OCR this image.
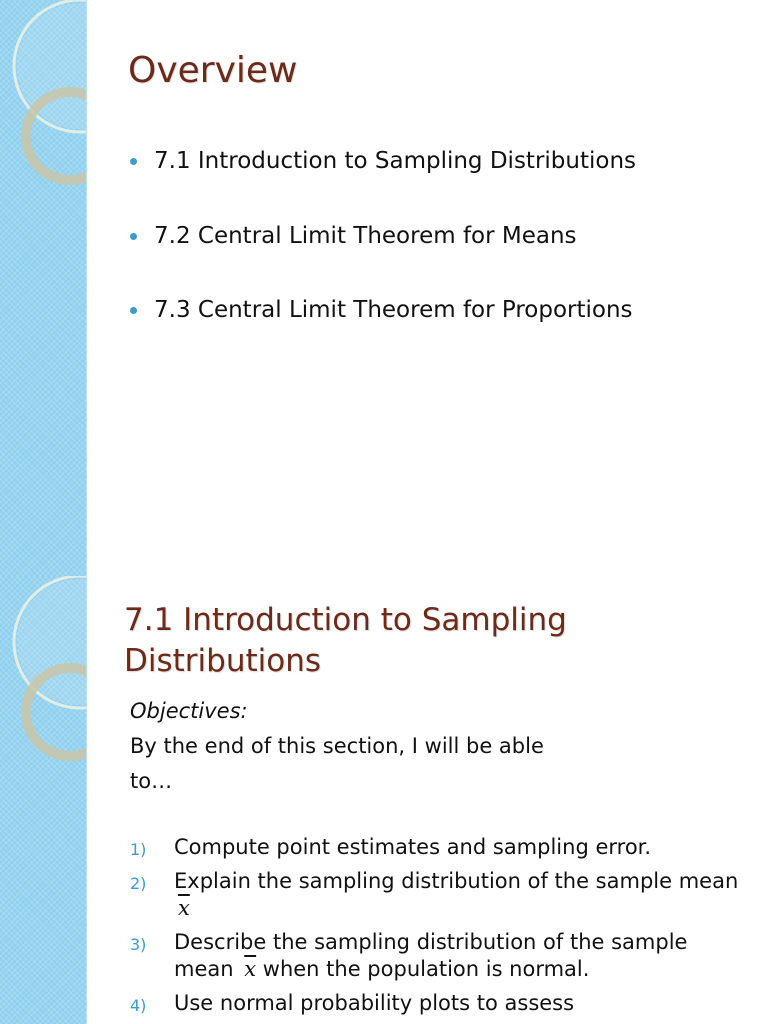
Overview
7.1 Introduction to Sampling Distributions
7.2 Central Limit Theorem for Means
7.3 Central Limit Theorem for Proportions
7.1 Introduction to Sampling Distributions
Objectives:
By the end of this section, I will be able to…
1) Compute point estimates and sampling error.
2) Explain the sampling distribution of the sample mean $\overline{x}$
3) Describe the sampling distribution of the sample mean $\overline{x}$ when the population is normal.
4) Use normal probability plots to assess
